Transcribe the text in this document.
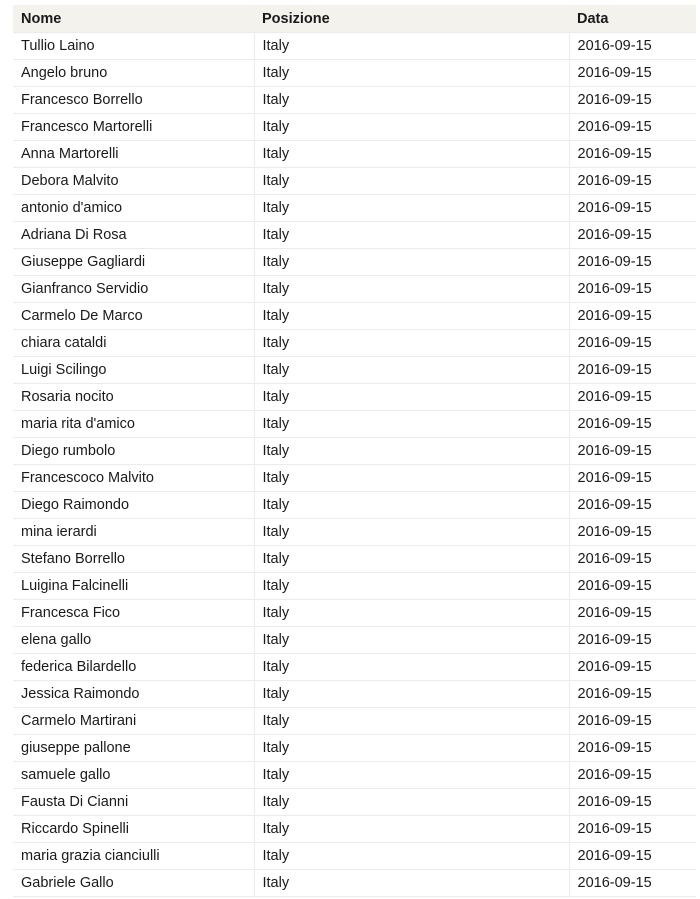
Nome	Posizione	Data
Tullio Laino	Italy	2016-09-15
Angelo bruno	Italy	2016-09-15
Francesco Borrello	Italy	2016-09-15
Francesco Martorelli	Italy	2016-09-15
Anna Martorelli	Italy	2016-09-15
Debora Malvito	Italy	2016-09-15
antonio d'amico	Italy	2016-09-15
Adriana Di Rosa	Italy	2016-09-15
Giuseppe Gagliardi	Italy	2016-09-15
Gianfranco Servidio	Italy	2016-09-15
Carmelo De Marco	Italy	2016-09-15
chiara cataldi	Italy	2016-09-15
Luigi Scilingo	Italy	2016-09-15
Rosaria nocito	Italy	2016-09-15
maria rita d'amico	Italy	2016-09-15
Diego rumbolo	Italy	2016-09-15
Francescoco Malvito	Italy	2016-09-15
Diego Raimondo	Italy	2016-09-15
mina ierardi	Italy	2016-09-15
Stefano Borrello	Italy	2016-09-15
Luigina Falcinelli	Italy	2016-09-15
Francesca Fico	Italy	2016-09-15
elena gallo	Italy	2016-09-15
federica Bilardello	Italy	2016-09-15
Jessica Raimondo	Italy	2016-09-15
Carmelo Martirani	Italy	2016-09-15
giuseppe pallone	Italy	2016-09-15
samuele gallo	Italy	2016-09-15
Fausta Di Cianni	Italy	2016-09-15
Riccardo Spinelli	Italy	2016-09-15
maria grazia cianciulli	Italy	2016-09-15
Gabriele Gallo	Italy	2016-09-15
